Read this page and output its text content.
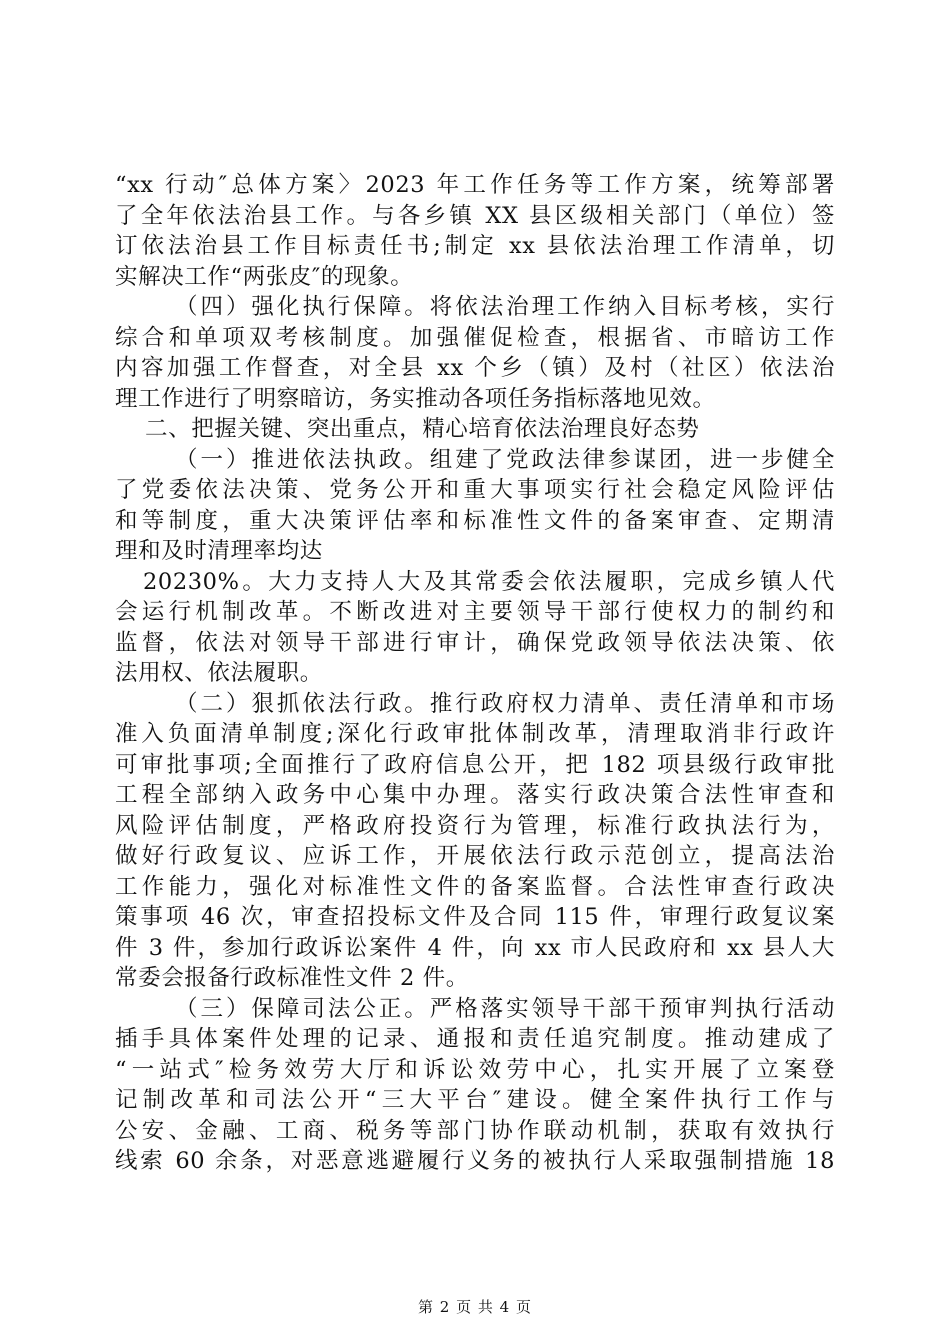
“xx 行动″总体方案〉2023 年工作任务等工作方案，统筹部署
了全年依法治县工作。与各乡镇 XX 县区级相关部门（单位）签
订依法治县工作目标责任书;制定 xx 县依法治理工作清单，切
实解决工作“两张皮″的现象。
（四）强化执行保障。将依法治理工作纳入目标考核，实行
综合和单项双考核制度。加强催促检查，根据省、市暗访工作
内容加强工作督查，对全县 xx 个乡（镇）及村（社区）依法治
理工作进行了明察暗访，务实推动各项任务指标落地见效。
二、把握关键、突出重点，精心培育依法治理良好态势
（一）推进依法执政。组建了党政法律参谋团，进一步健全
了党委依法决策、党务公开和重大事项实行社会稳定风险评估
和等制度，重大决策评估率和标准性文件的备案审查、定期清
理和及时清理率均达
20230%。大力支持人大及其常委会依法履职，完成乡镇人代
会运行机制改革。不断改进对主要领导干部行使权力的制约和
监督，依法对领导干部进行审计，确保党政领导依法决策、依
法用权、依法履职。
（二）狠抓依法行政。推行政府权力清单、责任清单和市场
准入负面清单制度;深化行政审批体制改革，清理取消非行政许
可审批事项;全面推行了政府信息公开，把 182 项县级行政审批
工程全部纳入政务中心集中办理。落实行政决策合法性审查和
风险评估制度，严格政府投资行为管理，标准行政执法行为，
做好行政复议、应诉工作，开展依法行政示范创立，提高法治
工作能力，强化对标准性文件的备案监督。合法性审查行政决
策事项 46 次，审查招投标文件及合同 115 件，审理行政复议案
件 3 件，参加行政诉讼案件 4 件，向 xx 市人民政府和 xx 县人大
常委会报备行政标准性文件 2 件。
（三）保障司法公正。严格落实领导干部干预审判执行活动
插手具体案件处理的记录、通报和责任追究制度。推动建成了
“一站式″检务效劳大厅和诉讼效劳中心，扎实开展了立案登
记制改革和司法公开“三大平台″建设。健全案件执行工作与
公安、金融、工商、税务等部门协作联动机制，获取有效执行
线索 60 余条，对恶意逃避履行义务的被执行人采取强制措施 18
第 2 页 共 4 页
